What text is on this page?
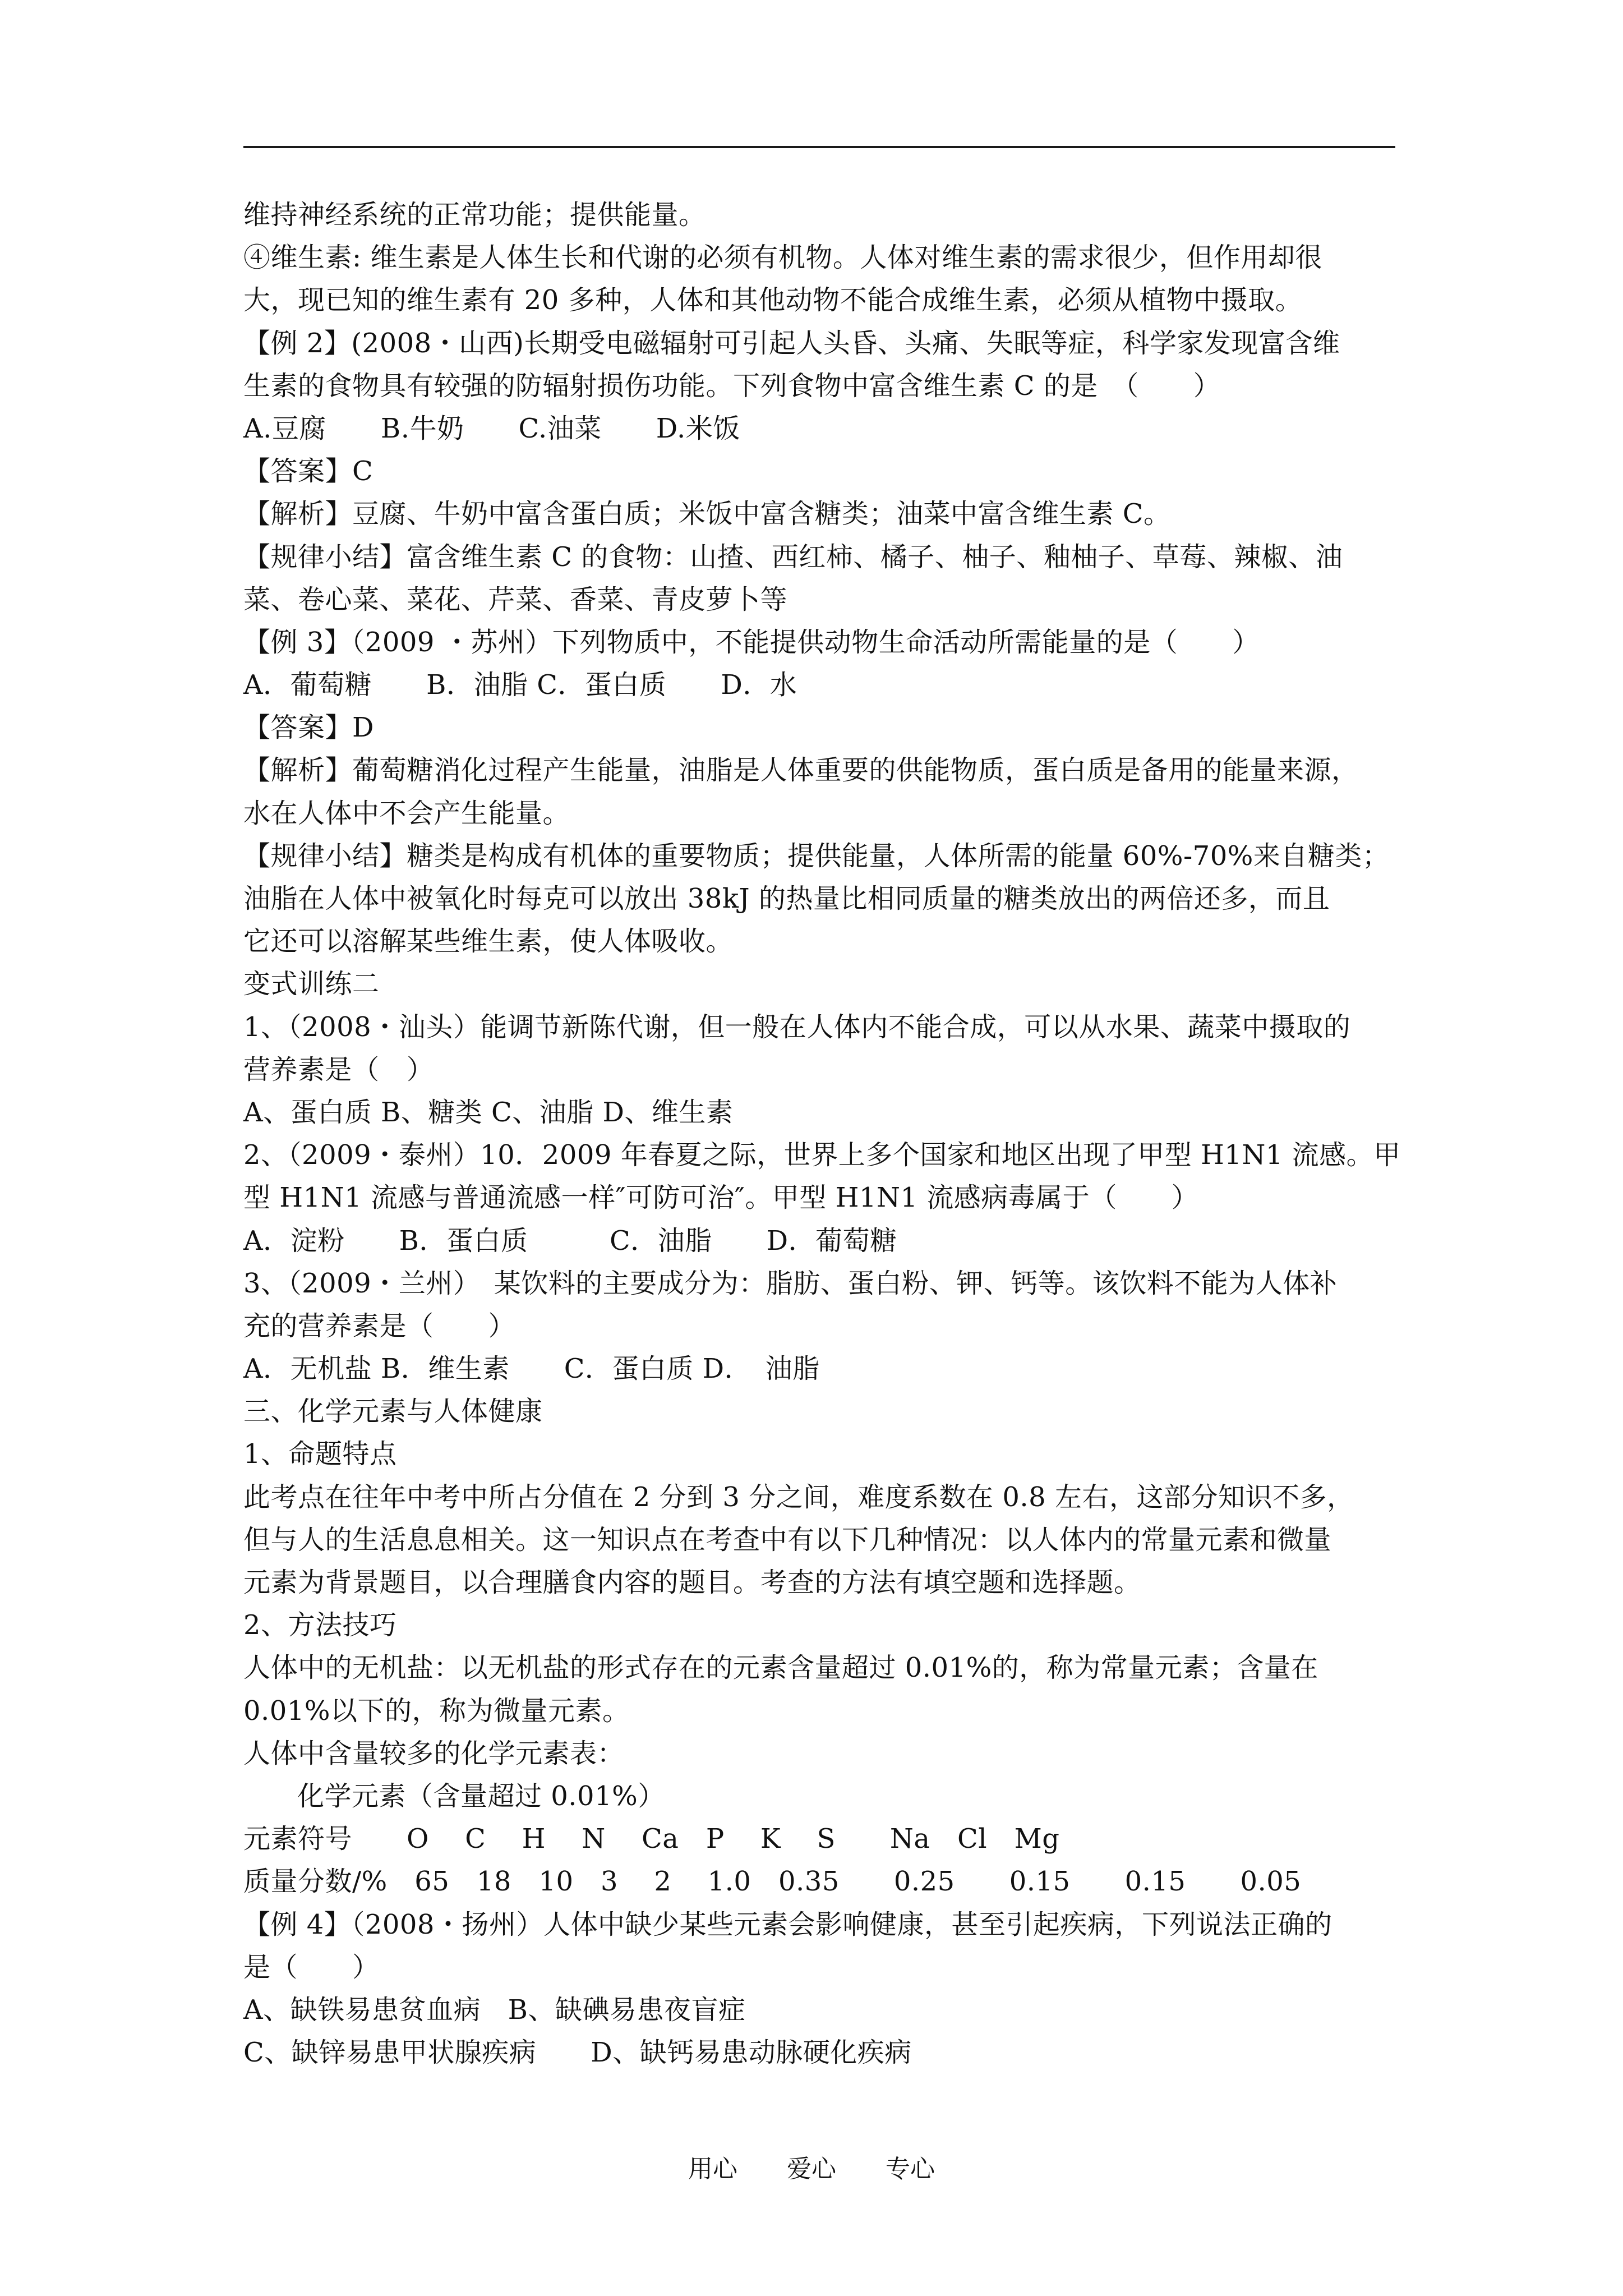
维持神经系统的正常功能；提供能量。
④维生素: 维生素是人体生长和代谢的必须有机物。人体对维生素的需求很少，但作用却很
大，现已知的维生素有 20 多种，人体和其他动物不能合成维生素，必须从植物中摄取。
【例 2】(2008・山西)长期受电磁辐射可引起人头昏、头痛、失眠等症，科学家发现富含维
生素的食物具有较强的防辐射损伤功能。下列食物中富含维生素 C 的是　（　　）
A.豆腐　　B.牛奶　　C.油菜　　D.米饭
【答案】C
【解析】豆腐、牛奶中富含蛋白质；米饭中富含糖类；油菜中富含维生素 C。
【规律小结】富含维生素 C 的食物：山揸、西红柿、橘子、柚子、釉柚子、草莓、辣椒、油
菜、卷心菜、菜花、芹菜、香菜、青皮萝卜等
【例 3】（2009 ・苏州）下列物质中，不能提供动物生命活动所需能量的是（　　）
A．葡萄糖　　B．油脂 C．蛋白质　　D．水
【答案】D
【解析】葡萄糖消化过程产生能量，油脂是人体重要的供能物质，蛋白质是备用的能量来源，
水在人体中不会产生能量。
【规律小结】糖类是构成有机体的重要物质；提供能量，人体所需的能量 60%-70%来自糖类；
油脂在人体中被氧化时每克可以放出 38kJ 的热量比相同质量的糖类放出的两倍还多，而且
它还可以溶解某些维生素，使人体吸收。
变式训练二
1、（2008・汕头）能调节新陈代谢，但一般在人体内不能合成，可以从水果、蔬菜中摄取的
营养素是（　）
A、蛋白质 B、糖类 C、油脂 D、维生素
2、（2009・泰州）10．2009 年春夏之际，世界上多个国家和地区出现了甲型 H1N1 流感。甲
型 H1N1 流感与普通流感一样″可防可治″。甲型 H1N1 流感病毒属于（　　）
A．淀粉　　B．蛋白质　　　C．油脂　　D．葡萄糖
3、（2009・兰州）　某饮料的主要成分为：脂肪、蛋白粉、钾、钙等。该饮料不能为人体补
充的营养素是（　　）
A．无机盐 B．维生素　　C．蛋白质 D．　油脂
三、化学元素与人体健康
1、命题特点
此考点在往年中考中所占分值在 2 分到 3 分之间，难度系数在 0.8 左右，这部分知识不多，
但与人的生活息息相关。这一知识点在考查中有以下几种情况：以人体内的常量元素和微量
元素为背景题目，以合理膳食内容的题目。考查的方法有填空题和选择题。
2、方法技巧
人体中的无机盐：以无机盐的形式存在的元素含量超过 0.01%的，称为常量元素；含量在
0.01%以下的，称为微量元素。
人体中含量较多的化学元素表：
化学元素（含量超过 0.01%）
元素符号　　O　 C　 H　 N　 Ca　P　 K　 S　　Na　Cl　Mg
质量分数/%　65　18　10　3　 2　 1.0　0.35　　0.25　　0.15　　0.15　　0.05
【例 4】（2008・扬州）人体中缺少某些元素会影响健康，甚至引起疾病，下列说法正确的
是（　　）
A、缺铁易患贫血病　B、缺碘易患夜盲症
C、缺锌易患甲状腺疾病　　D、缺钙易患动脉硬化疾病
用心　　爱心　　专心
